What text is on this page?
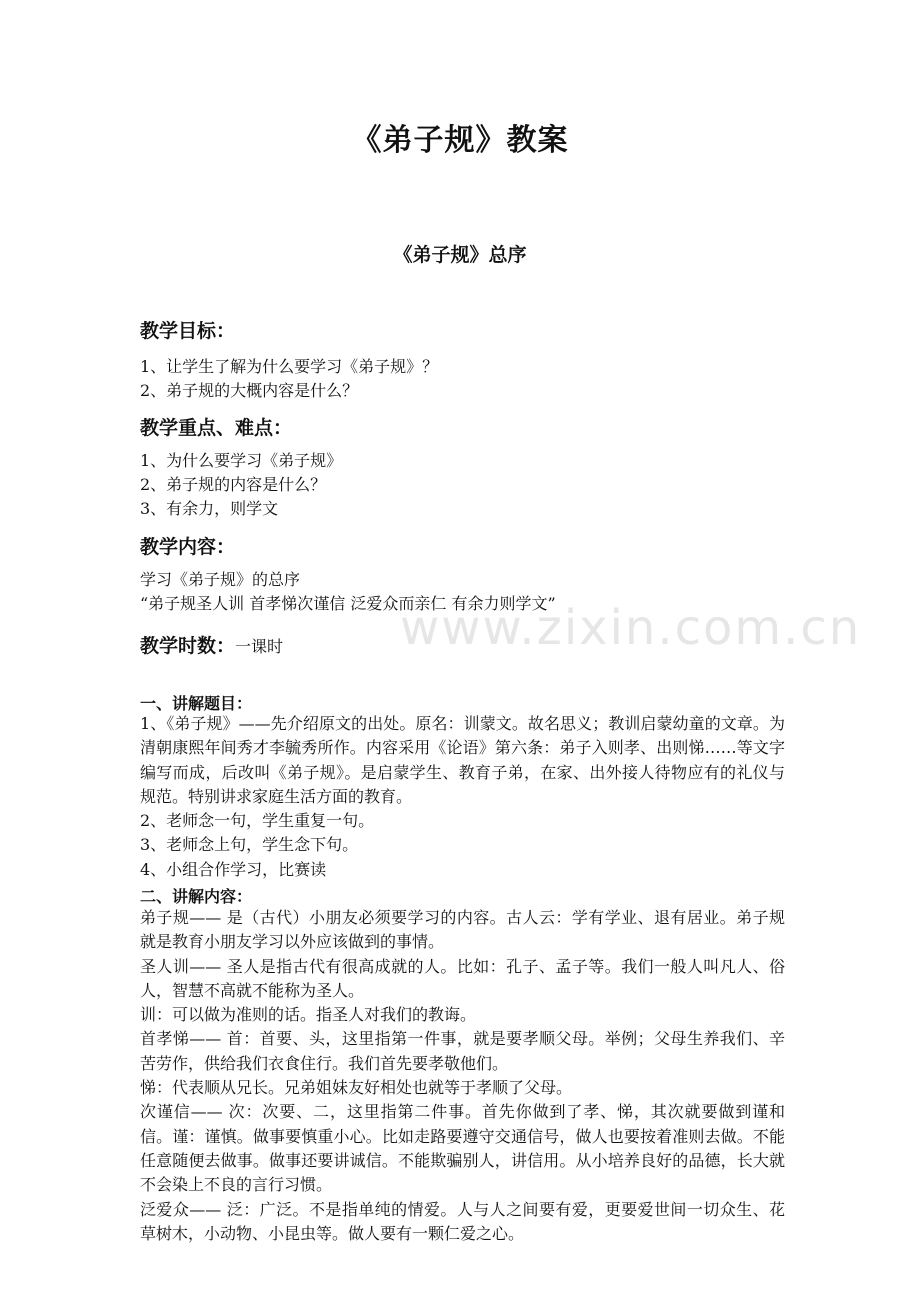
www.zixin.com.cn
《弟子规》教案
《弟子规》总序
教学目标：
1、让学生了解为什么要学习《弟子规》？
2、弟子规的大概内容是什么？
教学重点、难点：
1、为什么要学习《弟子规》
2、弟子规的内容是什么？
3、有余力，则学文
教学内容：
学习《弟子规》的总序
“弟子规圣人训 首孝悌次谨信 泛爱众而亲仁 有余力则学文”
教学时数：一课时
一、讲解题目：
1、《弟子规》——先介绍原文的出处。原名：训蒙文。故名思义；教训启蒙幼童的文章。为清朝康熙年间秀才李毓秀所作。内容采用《论语》第六条：弟子入则孝、出则悌……等文字编写而成，后改叫《弟子规》。是启蒙学生、教育子弟，在家、出外接人待物应有的礼仪与规范。特别讲求家庭生活方面的教育。
2、老师念一句，学生重复一句。
3、老师念上句，学生念下句。
4、小组合作学习，比赛读
二、讲解内容：
弟子规—— 是（古代）小朋友必须要学习的内容。古人云：学有学业、退有居业。弟子规就是教育小朋友学习以外应该做到的事情。
圣人训—— 圣人是指古代有很高成就的人。比如：孔子、孟子等。我们一般人叫凡人、俗人，智慧不高就不能称为圣人。
训：可以做为准则的话。指圣人对我们的教诲。
首孝悌—— 首：首要、头，这里指第一件事，就是要孝顺父母。举例；父母生养我们、辛苦劳作，供给我们衣食住行。我们首先要孝敬他们。
悌：代表顺从兄长。兄弟姐妹友好相处也就等于孝顺了父母。
次谨信—— 次：次要、二，这里指第二件事。首先你做到了孝、悌，其次就要做到谨和信。谨：谨慎。做事要慎重小心。比如走路要遵守交通信号，做人也要按着准则去做。不能任意随便去做事。做事还要讲诚信。不能欺骗别人，讲信用。从小培养良好的品德，长大就不会染上不良的言行习惯。
泛爱众—— 泛：广泛。不是指单纯的情爱。人与人之间要有爱，更要爱世间一切众生、花草树木，小动物、小昆虫等。做人要有一颗仁爱之心。
